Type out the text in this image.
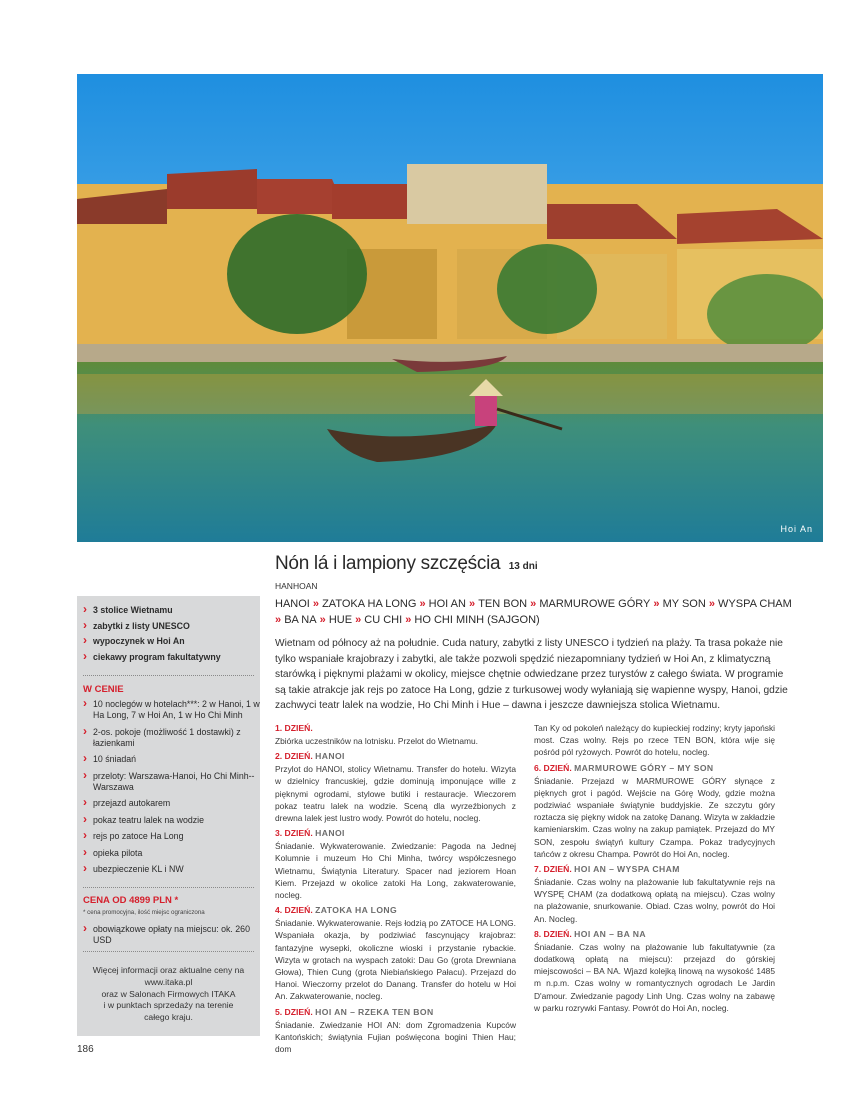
Hoi An
Nón lá i lampiony szczęścia 13 dni
HANHOAN
HANOI » ZATOKA HA LONG » HOI AN » TEN BON » MARMUROWE GÓRY » MY SON » WYSPA CHAM » BA NA » HUE » CU CHI » HO CHI MINH (SAJGON)
Wietnam od północy aż na południe. Cuda natury, zabytki z listy UNESCO i tydzień na plaży. Ta trasa pokaże nie tylko wspaniałe krajobrazy i zabytki, ale także pozwoli spędzić niezapomniany tydzień w Hoi An, z klimatyczną starówką i pięknymi plażami w okolicy, miejsce chętnie odwiedzane przez turystów z całego świata. W programie są takie atrakcje jak rejs po zatoce Ha Long, gdzie z turkusowej wody wyłaniają się wapienne wyspy, Hanoi, gdzie zachwyci teatr lalek na wodzie, Ho Chi Minh i Hue – dawna i jeszcze dawniejsza stolica Wietnamu.
› 3 stolice Wietnamu
› zabytki z listy UNESCO
› wypoczynek w Hoi An
› ciekawy program fakultatywny
W CENIE
› 10 noclegów w hotelach***: 2 w Hanoi, 1 w Ha Long, 7 w Hoi An, 1 w Ho Chi Minh
› 2-os. pokoje (możliwość 1 dostawki) z łazienkami
› 10 śniadań
› przeloty: Warszawa-Hanoi, Ho Chi Minh--Warszawa
› przejazd autokarem
› pokaz teatru lalek na wodzie
› rejs po zatoce Ha Long
› opieka pilota
› ubezpieczenie KL i NW
CENA OD 4899 PLN *
* cena promocyjna, ilość miejsc ograniczona
› obowiązkowe opłaty na miejscu: ok. 260 USD
Więcej informacji oraz aktualne ceny na
www.itaka.pl
oraz w Salonach Firmowych ITAKA
i w punktach sprzedaży na terenie
całego kraju.
186
1. DZIEŃ.
Zbiórka uczestników na lotnisku. Przelot do Wietnamu.
2. DZIEŃ. HANOI
Przylot do HANOI, stolicy Wietnamu. Transfer do hotelu. Wizyta w dzielnicy francuskiej, gdzie dominują imponujące wille z pięknymi ogrodami, stylowe butiki i restauracje. Wieczorem pokaz teatru lalek na wodzie. Sceną dla wyrzeźbionych z drewna lalek jest lustro wody. Powrót do hotelu, nocleg.
3. DZIEŃ. HANOI
Śniadanie. Wykwaterowanie. Zwiedzanie: Pagoda na Jednej Kolumnie i muzeum Ho Chi Minha, twórcy współczesnego Wietnamu, Świątynia Literatury. Spacer nad jeziorem Hoan Kiem. Przejazd w okolice zatoki Ha Long, zakwaterowanie, nocleg.
4. DZIEŃ. ZATOKA HA LONG
Śniadanie. Wykwaterowanie. Rejs łodzią po ZATOCE HA LONG. Wspaniała okazja, by podziwiać fascynujący krajobraz: fantazyjne wysepki, okoliczne wioski i przystanie rybackie. Wizyta w grotach na wyspach zatoki: Dau Go (grota Drewniana Głowa), Thien Cung (grota Niebiańskiego Pałacu). Przejazd do Hanoi. Wieczorny przelot do Danang. Transfer do hotelu w Hoi An. Zakwaterowanie, nocleg.
5. DZIEŃ. HOI AN – RZEKA TEN BON
Śniadanie. Zwiedzanie HOI AN: dom Zgromadzenia Kupców Kantońskich; świątynia Fujian poświęcona bogini Thien Hau; dom
Tan Ky od pokoleń należący do kupieckiej rodziny; kryty japoński most. Czas wolny. Rejs po rzece TEN BON, która wije się pośród pól ryżowych. Powrót do hotelu, nocleg.
6. DZIEŃ. MARMUROWE GÓRY – MY SON
Śniadanie. Przejazd w MARMUROWE GÓRY słynące z pięknych grot i pagód. Wejście na Górę Wody, gdzie można podziwiać wspaniałe świątynie buddyjskie. Ze szczytu góry roztacza się piękny widok na zatokę Danang. Wizyta w zakładzie kamieniarskim. Czas wolny na zakup pamiątek. Przejazd do MY SON, zespołu świątyń kultury Czampa. Pokaz tradycyjnych tańców z okresu Champa. Powrót do Hoi An, nocleg.
7. DZIEŃ. HOI AN – WYSPA CHAM
Śniadanie. Czas wolny na plażowanie lub fakultatywnie rejs na WYSPĘ CHAM (za dodatkową opłatą na miejscu). Czas wolny na plażowanie, snurkowanie. Obiad. Czas wolny, powrót do Hoi An. Nocleg.
8. DZIEŃ. HOI AN – BA NA
Śniadanie. Czas wolny na plażowanie lub fakultatywnie (za dodatkową opłatą na miejscu): przejazd do górskiej miejscowości – BA NA. Wjazd kolejką linową na wysokość 1485 m n.p.m. Czas wolny w romantycznych ogrodach Le Jardin D'amour. Zwiedzanie pagody Linh Ung. Czas wolny na zabawę w parku rozrywki Fantasy. Powrót do Hoi An, nocleg.
